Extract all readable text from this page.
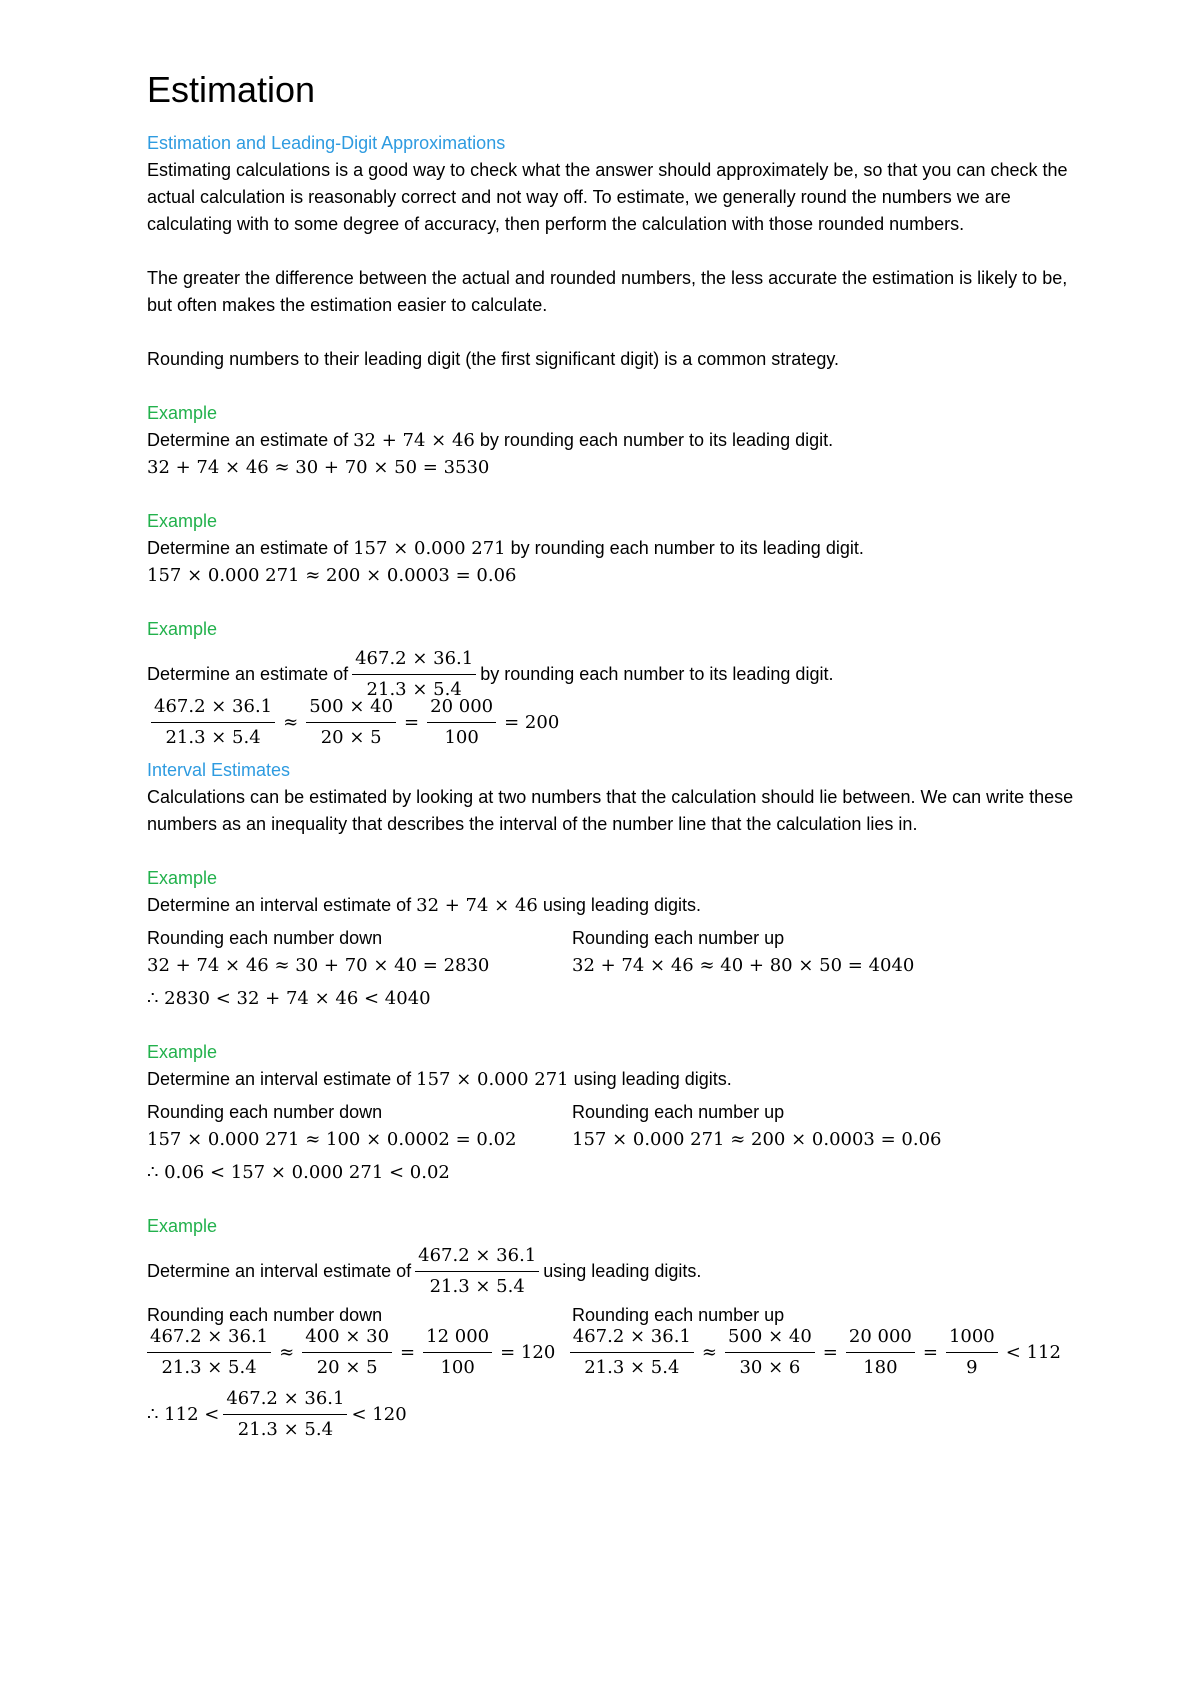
Estimation
Estimation and Leading-Digit Approximations
Estimating calculations is a good way to check what the answer should approximately be, so that you can check the actual calculation is reasonably correct and not way off. To estimate, we generally round the numbers we are calculating with to some degree of accuracy, then perform the calculation with those rounded numbers.
The greater the difference between the actual and rounded numbers, the less accurate the estimation is likely to be, but often makes the estimation easier to calculate.
Rounding numbers to their leading digit (the first significant digit) is a common strategy.
Example
Determine an estimate of 32 + 74 × 46 by rounding each number to its leading digit.
32 + 74 × 46 ≈ 30 + 70 × 50 = 3530
Example
Determine an estimate of 157 × 0.000 271 by rounding each number to its leading digit.
157 × 0.000 271 ≈ 200 × 0.0003 = 0.06
Example
Determine an estimate of $\frac{467.2 \times 36.1}{21.3 \times 5.4}$ by rounding each number to its leading digit.
$\frac{467.2 \times 36.1}{21.3 \times 5.4} \approx \frac{500 \times 40}{20 \times 5} = \frac{20 000}{100} = 200$
Interval Estimates
Calculations can be estimated by looking at two numbers that the calculation should lie between. We can write these numbers as an inequality that describes the interval of the number line that the calculation lies in.
Example
Determine an interval estimate of 32 + 74 × 46 using leading digits.
Rounding each number down
32 + 74 × 46 ≈ 30 + 70 × 40 = 2830
Rounding each number up
32 + 74 × 46 ≈ 40 + 80 × 50 = 4040
∴ 2830 < 32 + 74 × 46 < 4040
Example
Determine an interval estimate of 157 × 0.000 271 using leading digits.
Rounding each number down
157 × 0.000 271 ≈ 100 × 0.0002 = 0.02
Rounding each number up
157 × 0.000 271 ≈ 200 × 0.0003 = 0.06
∴ 0.06 < 157 × 0.000 271 < 0.02
Example
Determine an interval estimate of $\frac{467.2 \times 36.1}{21.3 \times 5.4}$ using leading digits.
Rounding each number down	Rounding each number up
$\frac{467.2 \times 36.1}{21.3 \times 5.4} \approx \frac{400 \times 30}{20 \times 5} = \frac{12 000}{100} = 120 \frac{467.2 \times 36.1}{21.3 \times 5.4} \approx \frac{500 \times 40}{30 \times 6} = \frac{20 000}{180} = \frac{1000}{9} < 112$
∴ $112 < \frac{467.2 \times 36.1}{21.3 \times 5.4} < 120$
